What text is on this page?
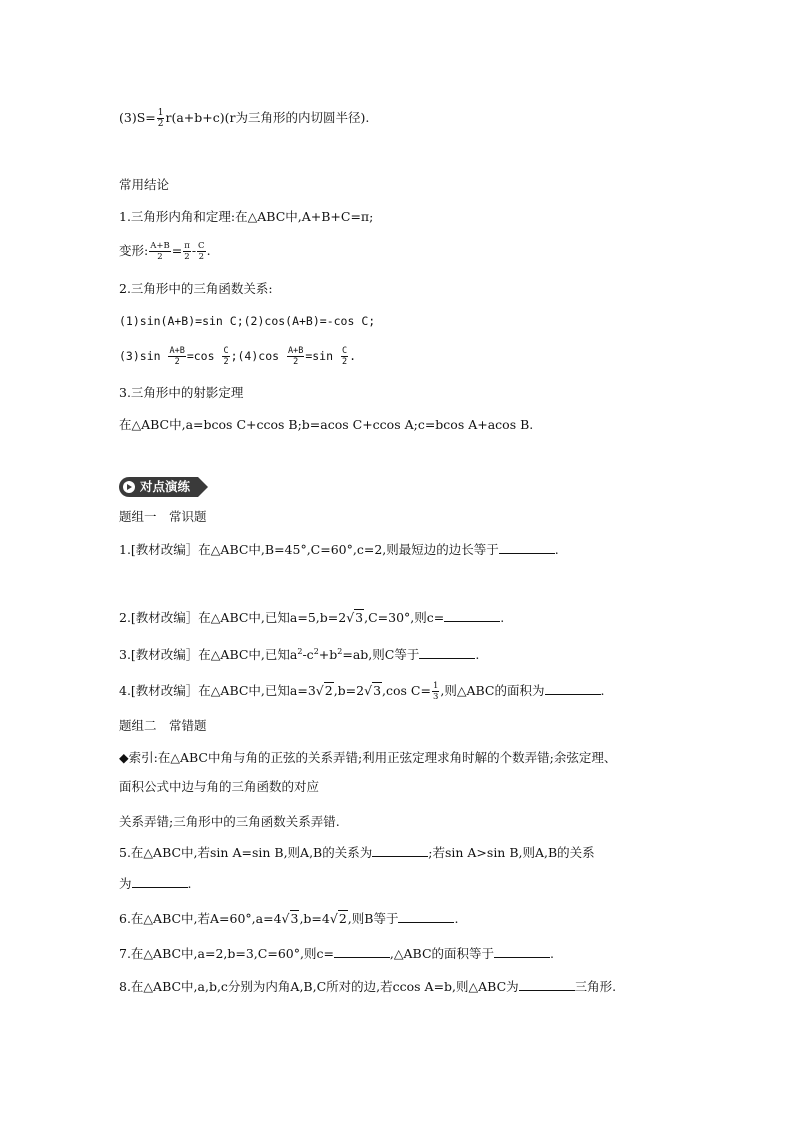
$(3)S= \frac{1}{2} r(a+b+c)(r$为三角形的内切圆半径).
常用结论
1.三角形内角和定理:在△ABC中,A+B+C=π;
变形: $\frac{A+B}{2} = \frac{\pi}{2} - \frac{C}{2}$ .
2.三角形中的三角函数关系:
(1)sin(A+B)=sin C;(2)cos(A+B)=-cos C;
$(3)\sin \frac{A+B}{2} =\cos \frac{C}{2}$ ;(4)cos $\frac{A+B}{2} =\sin \frac{C}{2}$ .
3.三角形中的射影定理
在△ABC中,a=bcos C+ccos B;b=acos C+ccos A;c=bcos A+acos B.
对点演练
题组一　常识题
1.[教材改编］在△ABC中,B=45°,C=60°,c=2,则最短边的边长等于	.
2.[教材改编］在△ABC中,已知a=5,b=2√3,C=30°,则c=	.
3.[教材改编］在△ABC中,已知$a^2-c^2+b^2=ab$,则C等于	.
4.[教材改编］在△ABC中,已知a=3√2,b=2√3,cos $C= \frac{1}{3}$ ,则△ABC的面积为	.
题组二　常错题
◆索引:在△ABC中角与角的正弦的关系弄错;利用正弦定理求角时解的个数弄错;余弦定理、
面积公式中边与角的三角函数的对应
关系弄错;三角形中的三角函数关系弄错.
5.在△ABC中,若sin A=sin B,则A,B的关系为	;若sin A>sin B,则A,B的关系
为	.
6.在△ABC中,若A=60°,a=4√3,b=4√2,则B等于	.
7.在△ABC中,a=2,b=3,C=60°,则c=	,△ABC的面积等于	.
8.在△ABC中,a,b,c分别为内角A,B,C所对的边,若ccos A=b,则△ABC为	三角形.
